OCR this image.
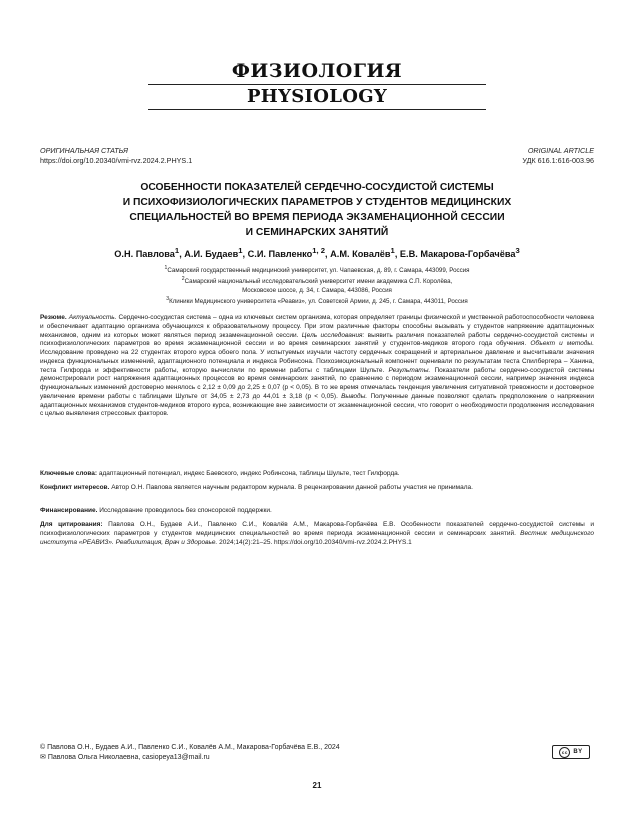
ФИЗИОЛОГИЯ
PHYSIOLOGY
ОРИГИНАЛЬНАЯ СТАТЬЯ
https://doi.org/10.20340/vmi-rvz.2024.2.PHYS.1
ORIGINAL ARTICLE
УДК 616.1:616-003.96
ОСОБЕННОСТИ ПОКАЗАТЕЛЕЙ СЕРДЕЧНО-СОСУДИСТОЙ СИСТЕМЫ
И ПСИХОФИЗИОЛОГИЧЕСКИХ ПАРАМЕТРОВ У СТУДЕНТОВ МЕДИЦИНСКИХ
СПЕЦИАЛЬНОСТЕЙ ВО ВРЕМЯ ПЕРИОДА ЭКЗАМЕНАЦИОННОЙ СЕССИИ
И СЕМИНАРСКИХ ЗАНЯТИЙ
О.Н. Павлова$^1$, А.И. Будаев$^1$, С.И. Павленко$^{1, 2}$, А.М. Ковалёв$^1$, Е.В. Макарова-Горбачёва$^3$
$^1$Самарский государственный медицинский университет, ул. Чапаевская, д. 89, г. Самара, 443099, Россия
$^2$Самарский национальный исследовательский университет имени академика С.П. Королёва,
Московское шоссе, д. 34, г. Самара, 443086, Россия
$^3$Клиники Медицинского университета «Реавиз», ул. Советской Армии, д. 245, г. Самара, 443011, Россия
Резюме. Актуальность. Сердечно-сосудистая система – одна из ключевых систем организма, которая определяет границы физической и умственной работоспособности человека и обеспечивает адаптацию организма обучающихся к образовательному процессу. При этом различные факторы способны вызывать у студентов напряжение адаптационных механизмов, одним из которых может являться период экзаменационной сессии. Цель исследования: выявить различия показателей работы сердечно-сосудистой системы и психофизиологических параметров во время экзаменационной сессии и во время семинарских занятий у студентов-медиков второго года обучения. Объект и методы. Исследование проведено на 22 студентах второго курса обоего пола. У испытуемых изучали частоту сердечных сокращений и артериальное давление и высчитывали значения индекса функциональных изменений, адаптационного потенциала и индекса Робинсона. Психоэмоциональный компонент оценивали по результатам теста Спилбергера – Ханина, теста Гилфорда и эффективности работы, которую вычисляли по времени работы с таблицами Шульте. Результаты. Показатели работы сердечно-сосудистой системы демонстрировали рост напряжения адаптационных процессов во время семинарских занятий, по сравнению с периодом экзаменационной сессии, например значения индекса функциональных изменений достоверно менялось с 2,12 ± 0,09 до 2,25 ± 0,07 (p < 0,05). В то же время отмечалась тенденция увеличения ситуативной тревожности и достоверное увеличение времени работы с таблицами Шульте от 34,05 ± 2,73 до 44,01 ± 3,18 (p < 0,05). Выводы. Полученные данные позволяют сделать предположение о напряжении адаптационных механизмов студентов-медиков второго курса, возникающие вне зависимости от экзаменационной сессии, что говорит о необходимости продолжения исследования с целью выявления стрессовых факторов.
Ключевые слова: адаптационный потенциал, индекс Баевского, индекс Робинсона, таблицы Шульте, тест Гилфорда.
Конфликт интересов. Автор О.Н. Павлова является научным редактором журнала. В рецензировании данной работы участия не принимала.
Финансирование. Исследование проводилось без спонсорской поддержки.
Для цитирования: Павлова О.Н., Будаев А.И., Павленко С.И., Ковалёв А.М., Макарова-Горбачёва Е.В. Особенности показателей сердечно-сосудистой системы и психофизиологических параметров у студентов медицинских специальностей во время периода экзаменационной сессии и семинарских занятий. Вестник медицинского института «РЕАВИЗ». Реабилитация, Врач и Здоровье. 2024;14(2):21–25. https://doi.org/10.20340/vmi-rvz.2024.2.PHYS.1
© Павлова О.Н., Будаев А.И., Павленко С.И., Ковалёв А.М., Макарова-Горбачёва Е.В., 2024
✉ Павлова Ольга Николаевна, casiopeya13@mail.ru
cc BY
21
